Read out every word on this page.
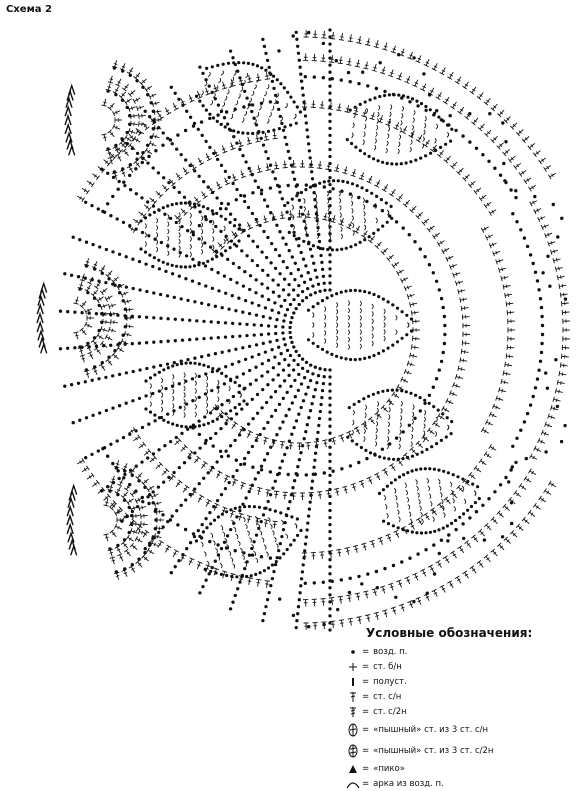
Схема 2
Условные обозначения:
= возд. п.
= ст. б/н
= полуст.
= ст. с/н
= ст. с/2н
= «пышный» ст. из 3 ст. с/н
= «пышный» ст. из 3 ст. с/2н
= «пико»
= арка из возд. п.
